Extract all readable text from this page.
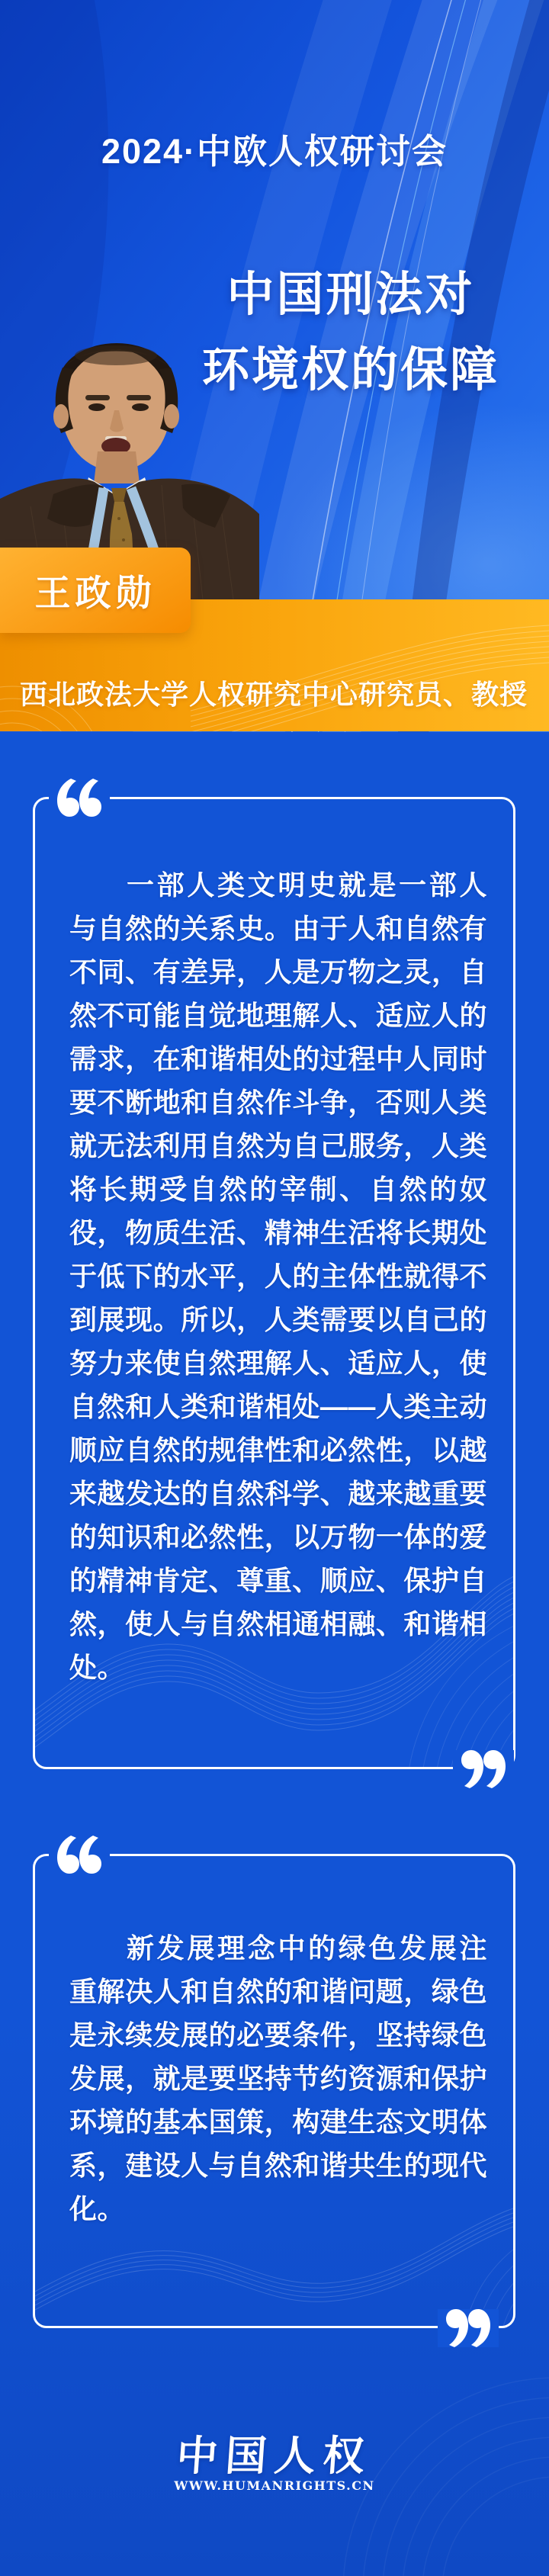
2024·中欧人权研讨会
中国刑法对
环境权的保障
王政勋
西北政法大学人权研究中心研究员、教授

一部人类文明史就是一部人与自然的关系史。由于人和自然有不同、有差异，人是万物之灵，自然不可能自觉地理解人、适应人的需求，在和谐相处的过程中人同时要不断地和自然作斗争，否则人类就无法利用自然为自己服务，人类将长期受自然的宰制、自然的奴役，物质生活、精神生活将长期处于低下的水平，人的主体性就得不到展现。所以，人类需要以自己的努力来使自然理解人、适应人，使自然和人类和谐相处——人类主动顺应自然的规律性和必然性，以越来越发达的自然科学、越来越重要的知识和必然性，以万物一体的爱的精神肯定、尊重、顺应、保护自然，使人与自然相通相融、和谐相处。

新发展理念中的绿色发展注重解决人和自然的和谐问题，绿色是永续发展的必要条件，坚持绿色发展，就是要坚持节约资源和保护环境的基本国策，构建生态文明体系，建设人与自然和谐共生的现代化。

中国人权
WWW.HUMANRIGHTS.CN
